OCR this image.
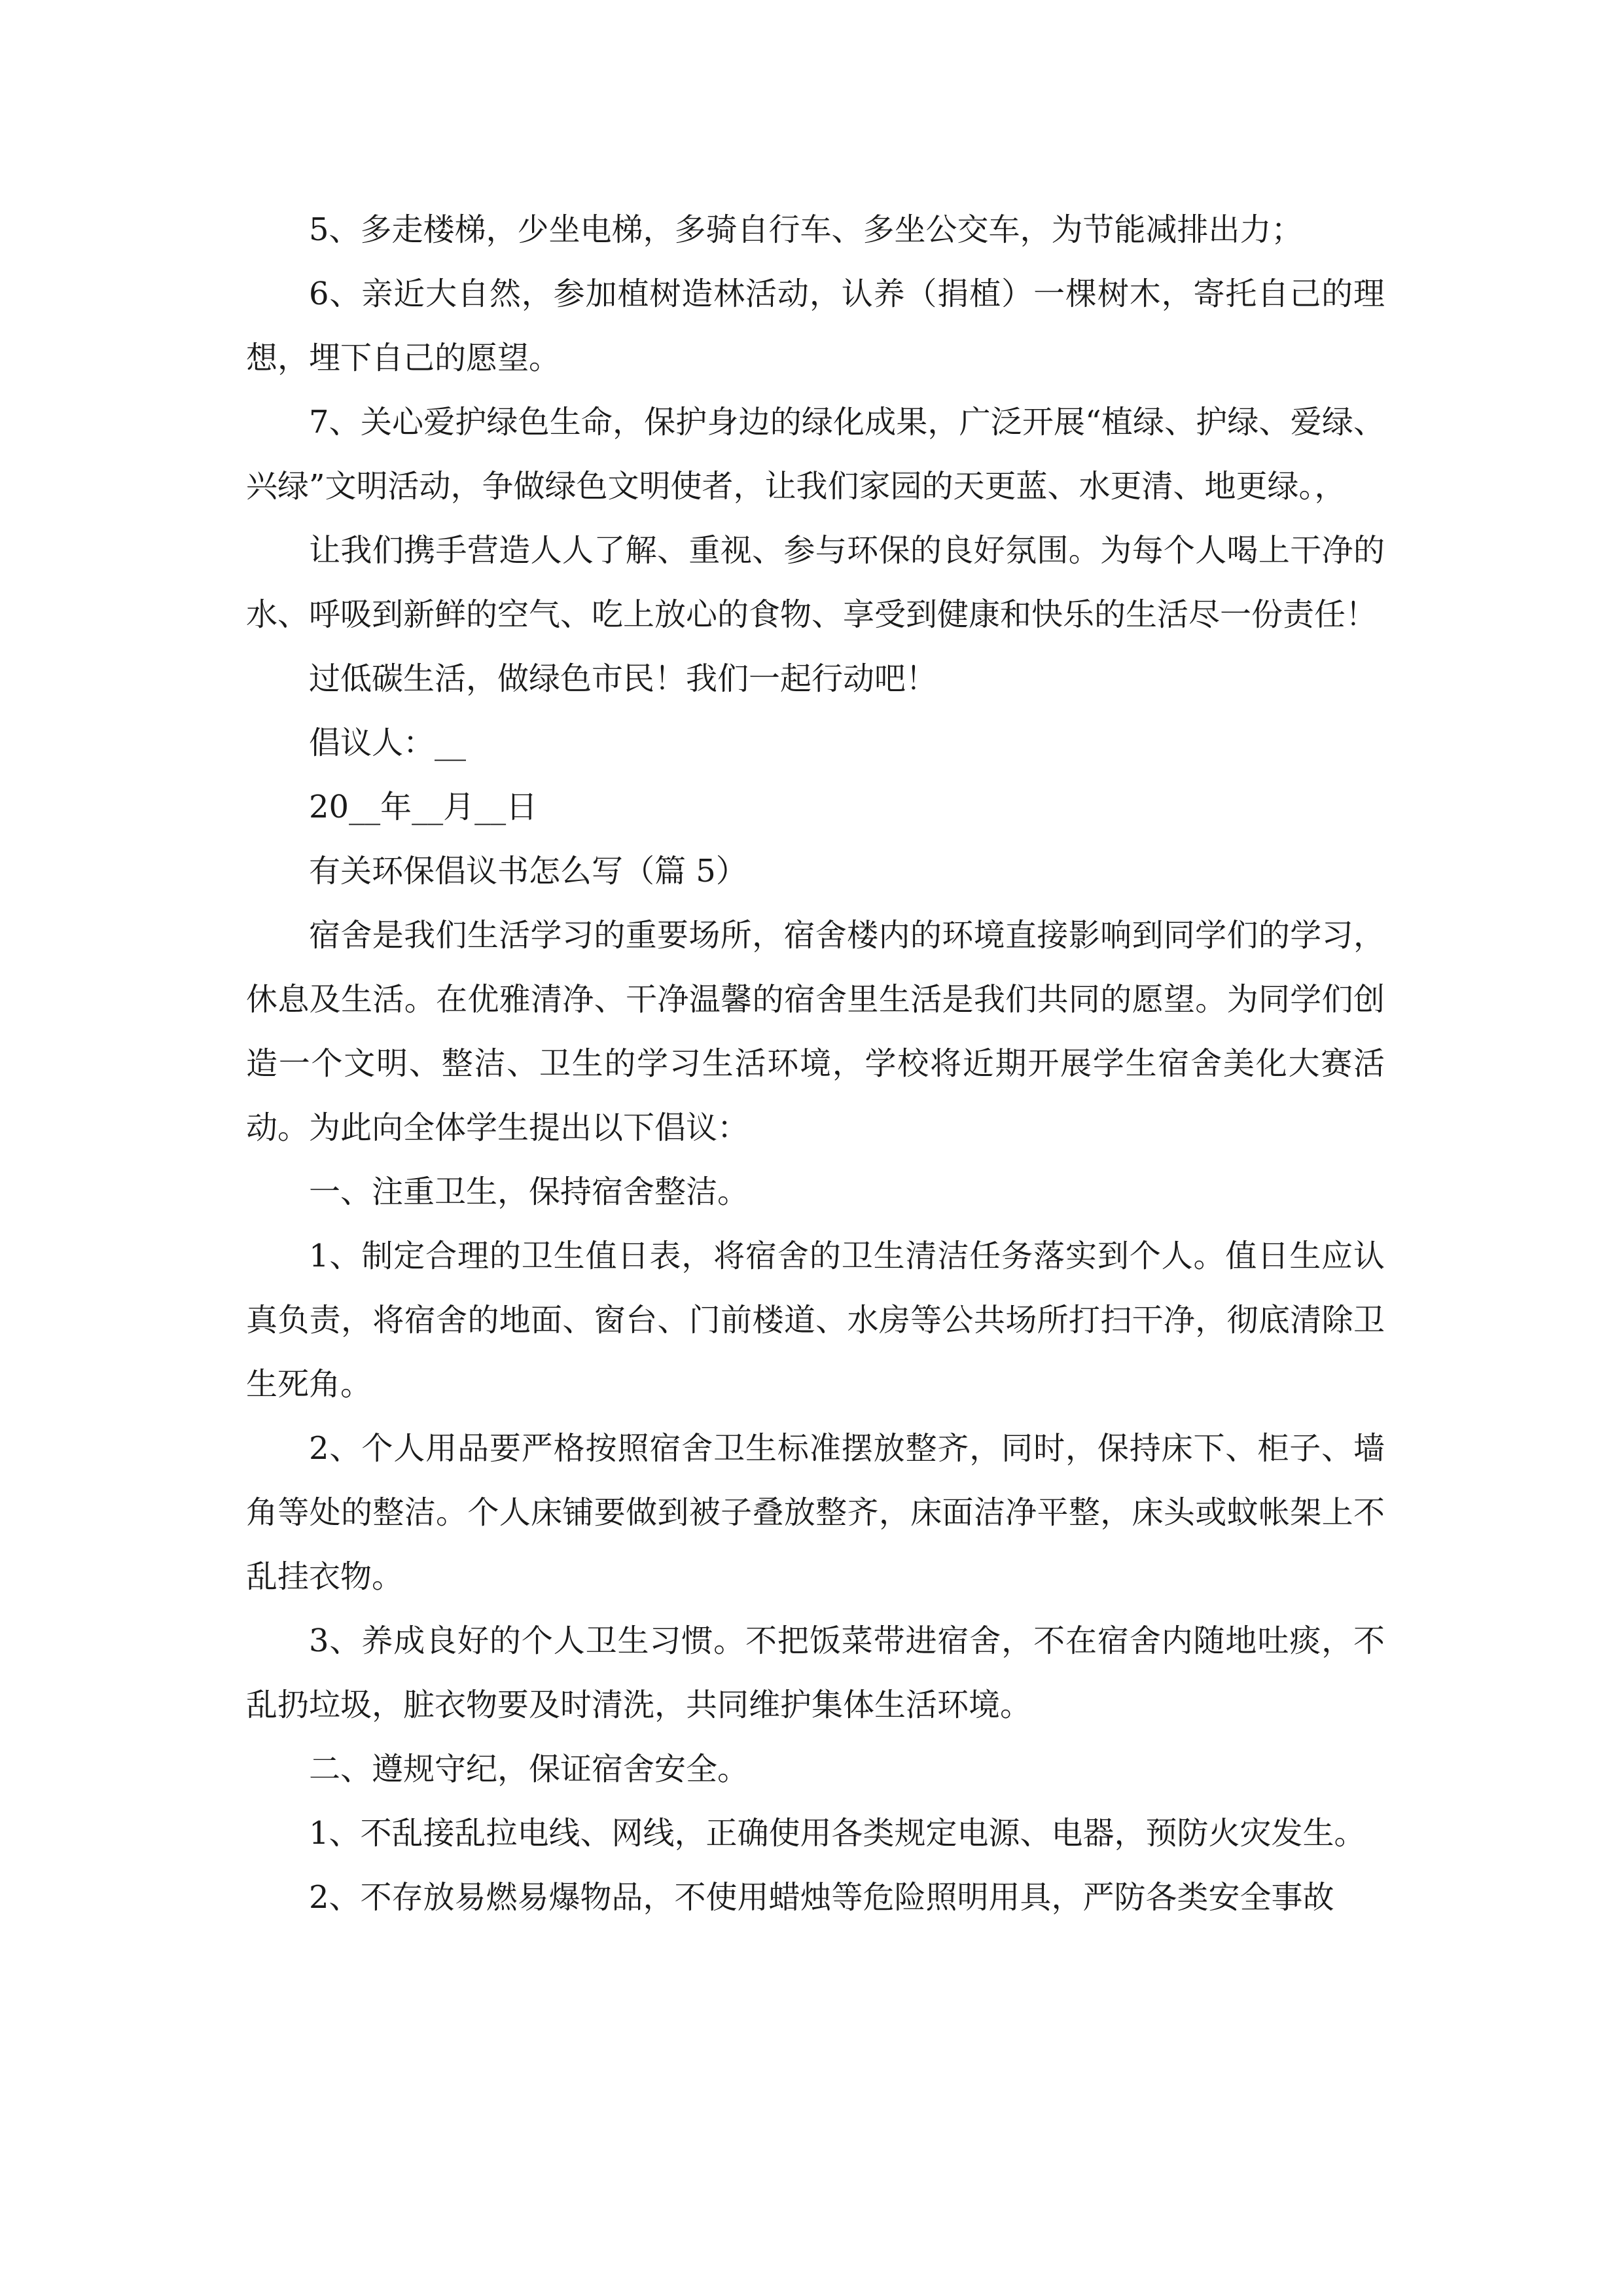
5、多走楼梯，少坐电梯，多骑自行车、多坐公交车，为节能减排出力；

6、亲近大自然，参加植树造林活动，认养（捐植）一棵树木，寄托自己的理想，埋下自己的愿望。

7、关心爱护绿色生命，保护身边的绿化成果，广泛开展“植绿、护绿、爱绿、兴绿”文明活动，争做绿色文明使者，让我们家园的天更蓝、水更清、地更绿。，

让我们携手营造人人了解、重视、参与环保的良好氛围。为每个人喝上干净的水、呼吸到新鲜的空气、吃上放心的食物、享受到健康和快乐的生活尽一份责任！

过低碳生活，做绿色市民！我们一起行动吧！

倡议人：__

20__年__月__日

有关环保倡议书怎么写（篇 5）

宿舍是我们生活学习的重要场所，宿舍楼内的环境直接影响到同学们的学习，休息及生活。在优雅清净、干净温馨的宿舍里生活是我们共同的愿望。为同学们创造一个文明、整洁、卫生的学习生活环境，学校将近期开展学生宿舍美化大赛活动。为此向全体学生提出以下倡议：

一、注重卫生，保持宿舍整洁。

1、制定合理的卫生值日表，将宿舍的卫生清洁任务落实到个人。值日生应认真负责，将宿舍的地面、窗台、门前楼道、水房等公共场所打扫干净，彻底清除卫生死角。

2、个人用品要严格按照宿舍卫生标准摆放整齐，同时，保持床下、柜子、墙角等处的整洁。个人床铺要做到被子叠放整齐，床面洁净平整，床头或蚊帐架上不乱挂衣物。

3、养成良好的个人卫生习惯。不把饭菜带进宿舍，不在宿舍内随地吐痰，不乱扔垃圾，脏衣物要及时清洗，共同维护集体生活环境。

二、遵规守纪，保证宿舍安全。

1、不乱接乱拉电线、网线，正确使用各类规定电源、电器，预防火灾发生。

2、不存放易燃易爆物品，不使用蜡烛等危险照明用具，严防各类安全事故
